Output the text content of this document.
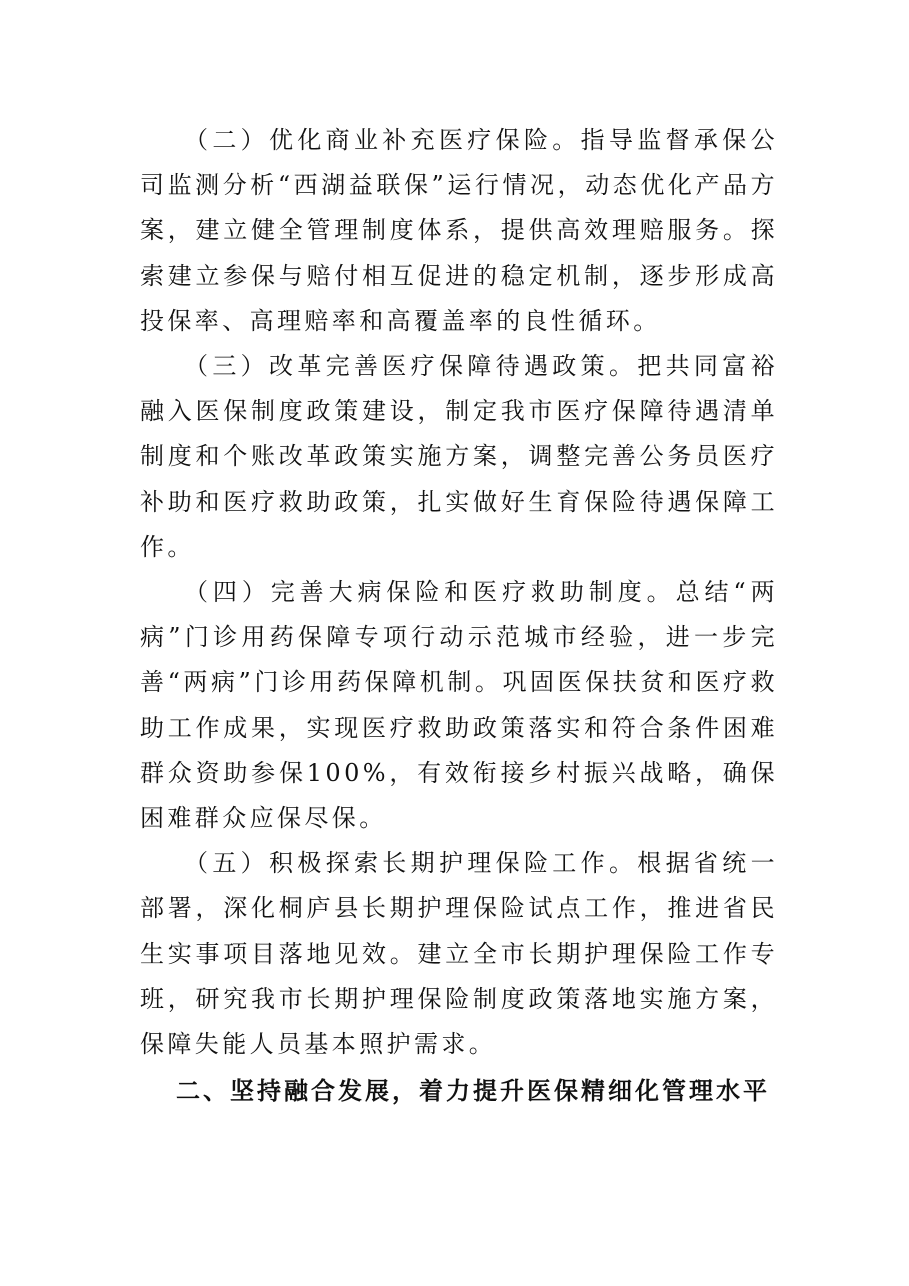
（二）优化商业补充医疗保险。指导监督承保公司监测分析“西湖益联保”运行情况，动态优化产品方案，建立健全管理制度体系，提供高效理赔服务。探索建立参保与赔付相互促进的稳定机制，逐步形成高投保率、高理赔率和高覆盖率的良性循环。

（三）改革完善医疗保障待遇政策。把共同富裕融入医保制度政策建设，制定我市医疗保障待遇清单制度和个账改革政策实施方案，调整完善公务员医疗补助和医疗救助政策，扎实做好生育保险待遇保障工作。

（四）完善大病保险和医疗救助制度。总结“两病”门诊用药保障专项行动示范城市经验，进一步完善“两病”门诊用药保障机制。巩固医保扶贫和医疗救助工作成果，实现医疗救助政策落实和符合条件困难群众资助参保100%，有效衔接乡村振兴战略，确保困难群众应保尽保。

（五）积极探索长期护理保险工作。根据省统一部署，深化桐庐县长期护理保险试点工作，推进省民生实事项目落地见效。建立全市长期护理保险工作专班，研究我市长期护理保险制度政策落地实施方案，保障失能人员基本照护需求。

二、坚持融合发展，着力提升医保精细化管理水平
